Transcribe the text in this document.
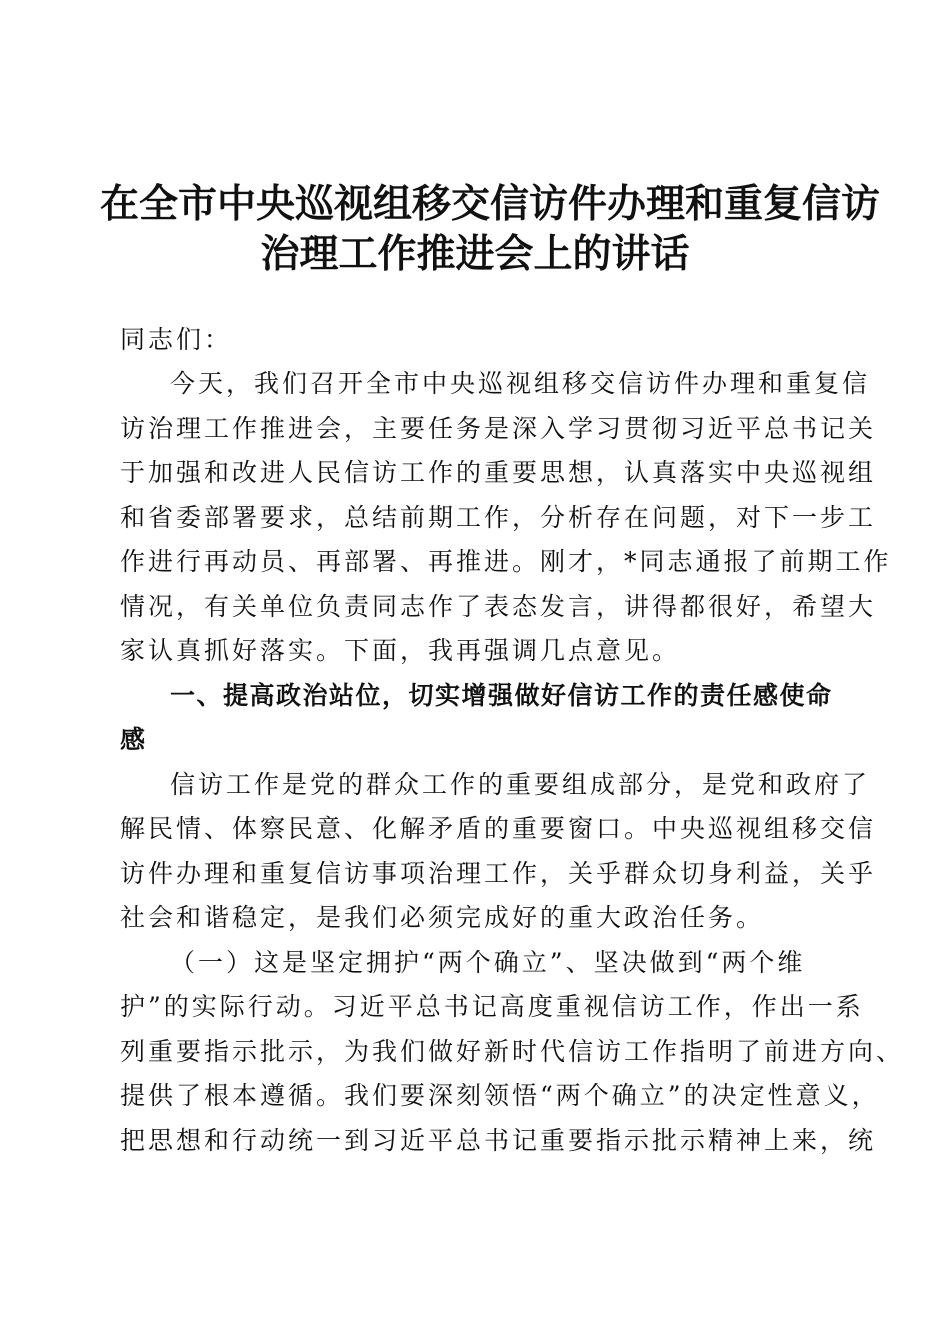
在全市中央巡视组移交信访件办理和重复信访
治理工作推进会上的讲话
同志们：
今天，我们召开全市中央巡视组移交信访件办理和重复信
访治理工作推进会，主要任务是深入学习贯彻习近平总书记关
于加强和改进人民信访工作的重要思想，认真落实中央巡视组
和省委部署要求，总结前期工作，分析存在问题，对下一步工
作进行再动员、再部署、再推进。刚才，*同志通报了前期工作
情况，有关单位负责同志作了表态发言，讲得都很好，希望大
家认真抓好落实。下面，我再强调几点意见。
一、提高政治站位，切实增强做好信访工作的责任感使命
感
信访工作是党的群众工作的重要组成部分，是党和政府了
解民情、体察民意、化解矛盾的重要窗口。中央巡视组移交信
访件办理和重复信访事项治理工作，关乎群众切身利益，关乎
社会和谐稳定，是我们必须完成好的重大政治任务。
（一）这是坚定拥护“两个确立”、坚决做到“两个维
护”的实际行动。习近平总书记高度重视信访工作，作出一系
列重要指示批示，为我们做好新时代信访工作指明了前进方向、
提供了根本遵循。我们要深刻领悟“两个确立”的决定性意义，
把思想和行动统一到习近平总书记重要指示批示精神上来，统
